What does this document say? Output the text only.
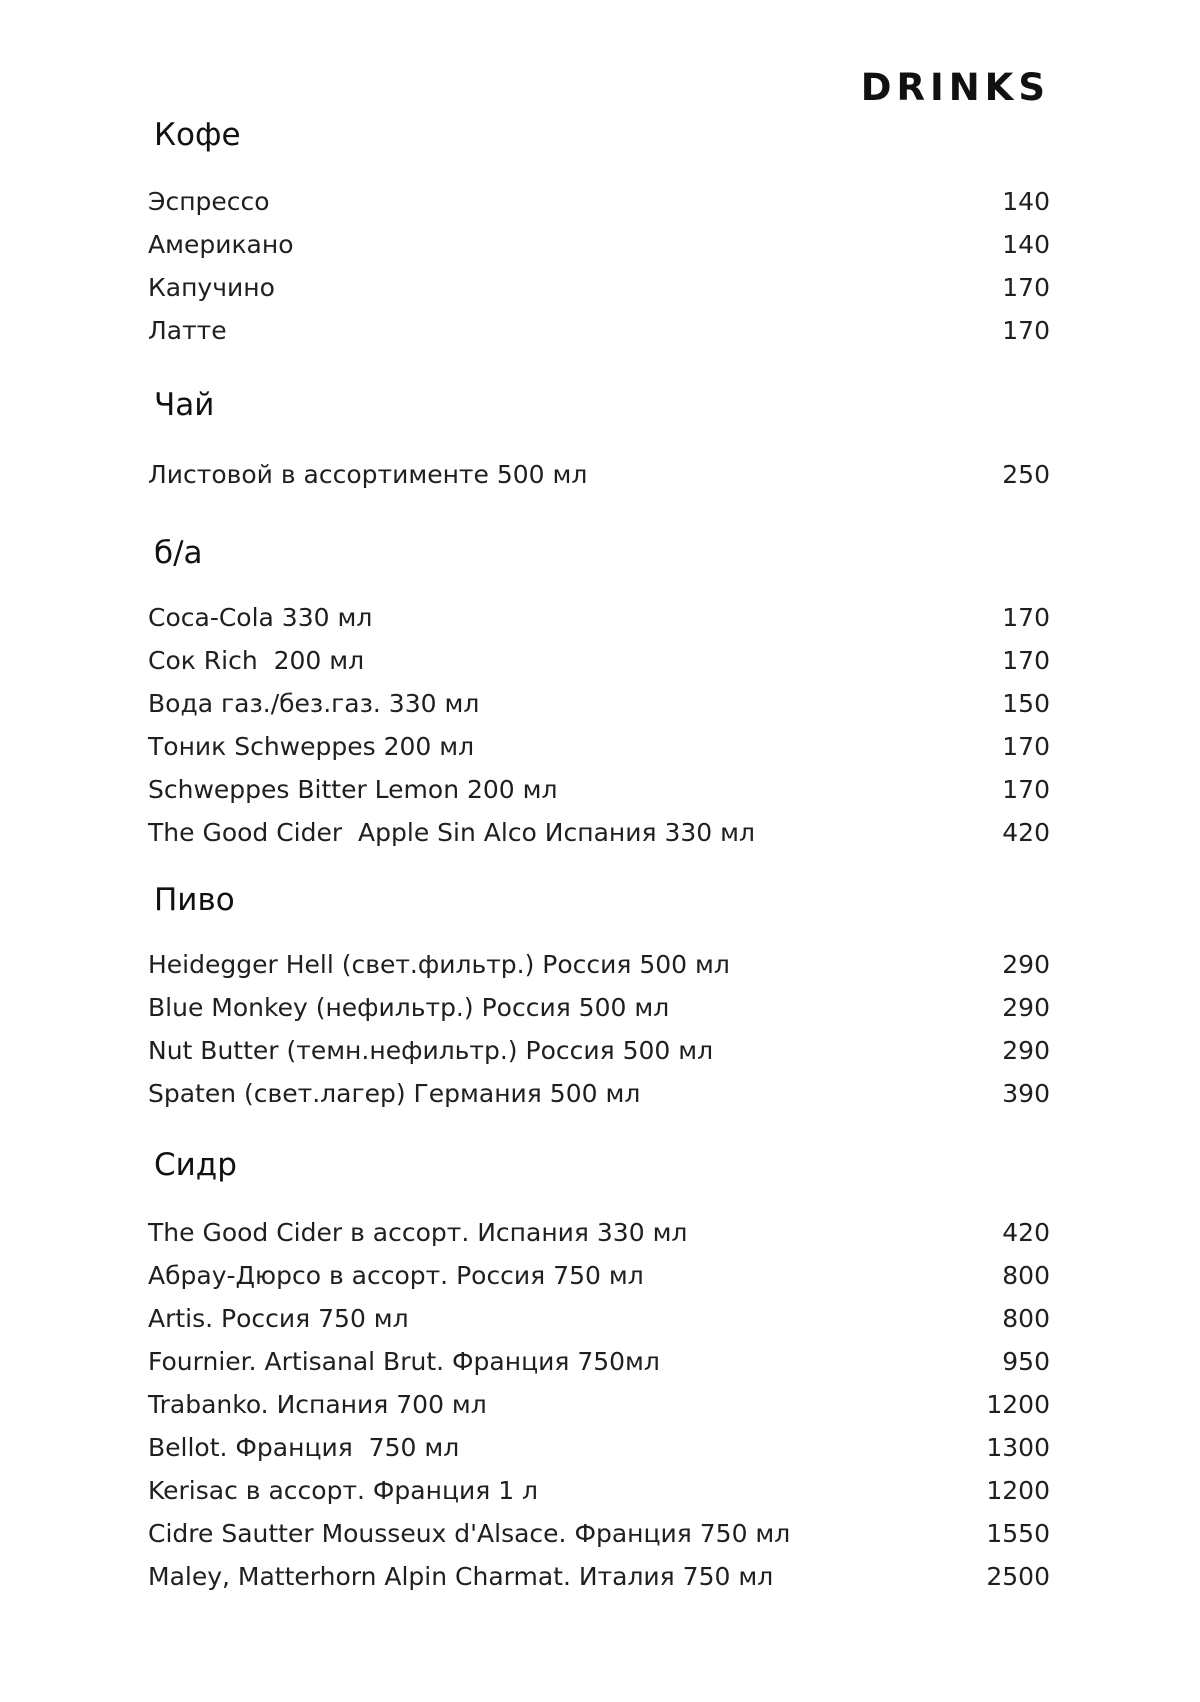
DRINKS
Кофе
Эспрессо	140
Американо	140
Капучино	170
Латте	170
Чай
Листовой в ассортименте 500 мл	250
б/а
Coca-Cola 330 мл	170
Сок Rich  200 мл	170
Вода газ./без.газ. 330 мл	150
Тоник Schweppes 200 мл	170
Schweppes Bitter Lemon 200 мл	170
The Good Cider  Apple Sin Alco Испания 330 мл	420
Пиво
Heidegger Hell (свет.фильтр.) Россия 500 мл	290
Blue Monkey (нефильтр.) Россия 500 мл	290
Nut Butter (темн.нефильтр.) Россия 500 мл	290
Spaten (свет.лагер) Германия 500 мл	390
Сидр
The Good Cider в ассорт. Испания 330 мл	420
Абрау-Дюрсо в ассорт. Россия 750 мл	800
Artis. Россия 750 мл	800
Fournier. Artisanal Brut. Франция 750мл	950
Trabanko. Испания 700 мл	1200
Bellot. Франция  750 мл	1300
Kerisac в ассорт. Франция 1 л	1200
Cidre Sautter Mousseux d'Alsace. Франция 750 мл	1550
Maley, Matterhorn Alpin Charmat. Италия 750 мл	2500
